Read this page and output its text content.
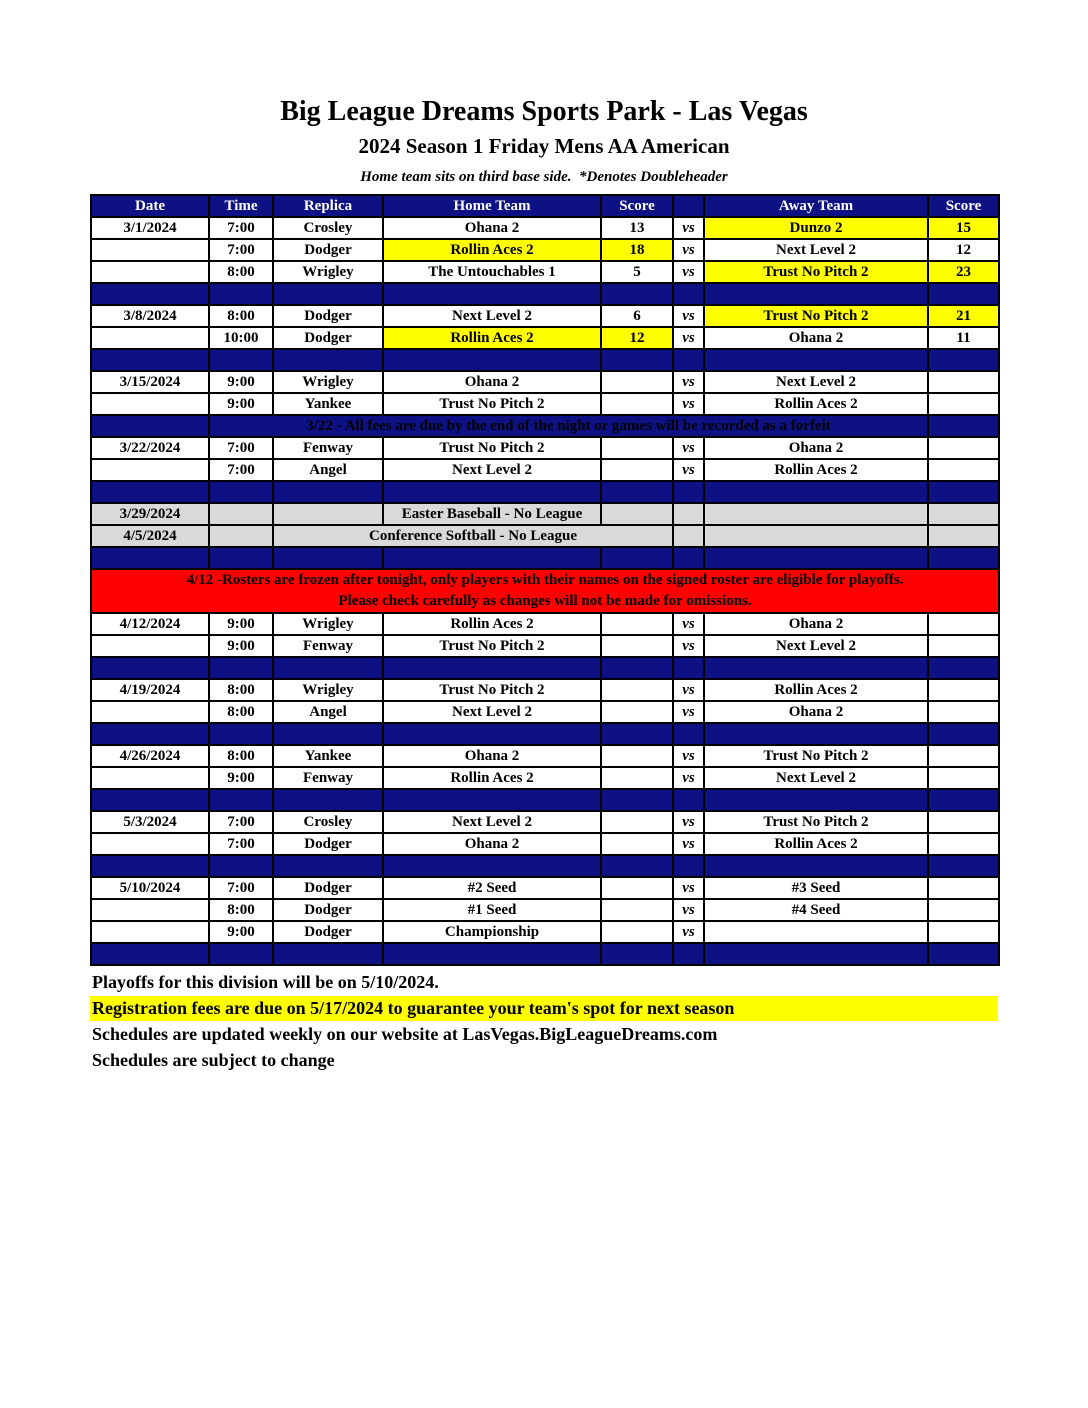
Big League Dreams Sports Park - Las Vegas
2024 Season 1 Friday Mens AA American
Home team sits on third base side.  *Denotes Doubleheader
Date	Time	Replica	Home Team	Score		Away Team	Score
3/1/2024	7:00	Crosley	Ohana 2	13	vs	Dunzo 2	15
	7:00	Dodger	Rollin Aces 2	18	vs	Next Level 2	12
	8:00	Wrigley	The Untouchables 1	5	vs	Trust No Pitch 2	23

3/8/2024	8:00	Dodger	Next Level 2	6	vs	Trust No Pitch 2	21
	10:00	Dodger	Rollin Aces 2	12	vs	Ohana 2	11

3/15/2024	9:00	Wrigley	Ohana 2		vs	Next Level 2	
	9:00	Yankee	Trust No Pitch 2		vs	Rollin Aces 2	
	3/22 - All fees are due by the end of the night or games will be recorded as a forfeit						
3/22/2024	7:00	Fenway	Trust No Pitch 2		vs	Ohana 2	
	7:00	Angel	Next Level 2		vs	Rollin Aces 2	

3/29/2024			Easter Baseball - No League				
4/5/2024		Conference Softball - No League					

4/12 -Rosters are frozen after tonight, only players with their names on the signed roster are eligible for playoffs.
Please check carefully as changes will not be made for omissions.							

4/12/2024	9:00	Wrigley	Rollin Aces 2		vs	Ohana 2	
	9:00	Fenway	Trust No Pitch 2		vs	Next Level 2	

4/19/2024	8:00	Wrigley	Trust No Pitch 2		vs	Rollin Aces 2	
	8:00	Angel	Next Level 2		vs	Ohana 2	

4/26/2024	8:00	Yankee	Ohana 2		vs	Trust No Pitch 2	
	9:00	Fenway	Rollin Aces 2		vs	Next Level 2	

5/3/2024	7:00	Crosley	Next Level 2		vs	Trust No Pitch 2	
	7:00	Dodger	Ohana 2		vs	Rollin Aces 2	

5/10/2024	7:00	Dodger	#2 Seed		vs	#3 Seed	
	8:00	Dodger	#1 Seed		vs	#4 Seed	
	9:00	Dodger	Championship		vs		

Playoffs for this division will be on 5/10/2024.
Registration fees are due on 5/17/2024 to guarantee your team's spot for next season
Schedules are updated weekly on our website at LasVegas.BigLeagueDreams.com
Schedules are subject to change
